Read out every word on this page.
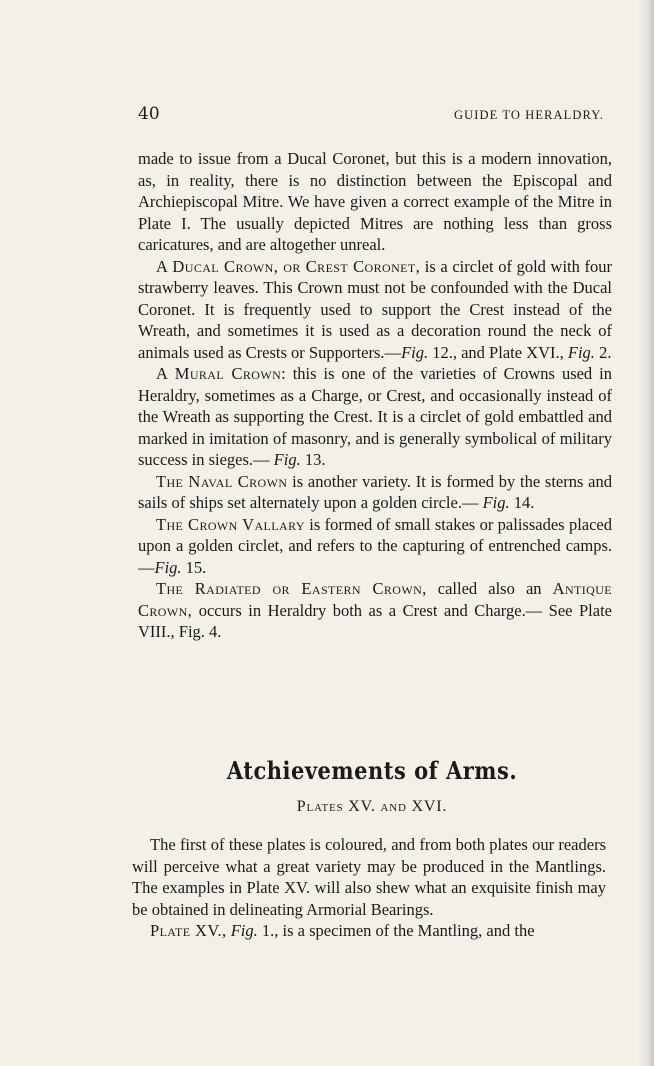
40	GUIDE TO HERALDRY.

made to issue from a Ducal Coronet, but this is a modern innovation, as, in reality, there is no distinction between the Episcopal and Archiepiscopal Mitre. We have given a correct example of the Mitre in Plate I. The usually depicted Mitres are nothing less than gross caricatures, and are altogether unreal.

A Ducal Crown, or Crest Coronet, is a circlet of gold with four strawberry leaves. This Crown must not be confounded with the Ducal Coronet. It is frequently used to support the Crest instead of the Wreath, and sometimes it is used as a decoration round the neck of animals used as Crests or Supporters.—Fig. 12., and Plate XVI., Fig. 2.

A Mural Crown: this is one of the varieties of Crowns used in Heraldry, sometimes as a Charge, or Crest, and occasionally instead of the Wreath as supporting the Crest. It is a circlet of gold embattled and marked in imitation of masonry, and is generally symbolical of military success in sieges.— Fig. 13.

The Naval Crown is another variety. It is formed by the sterns and sails of ships set alternately upon a golden circle.— Fig. 14.

The Crown Vallary is formed of small stakes or palissades placed upon a golden circlet, and refers to the capturing of entrenched camps.—Fig. 15.

The Radiated or Eastern Crown, called also an Antique Crown, occurs in Heraldry both as a Crest and Charge.— See Plate VIII., Fig. 4.

Atchievements of Arms.
Plates XV. and XVI.

The first of these plates is coloured, and from both plates our readers will perceive what a great variety may be produced in the Mantlings. The examples in Plate XV. will also shew what an exquisite finish may be obtained in delineating Armorial Bearings.

Plate XV., Fig. 1., is a specimen of the Mantling, and the
